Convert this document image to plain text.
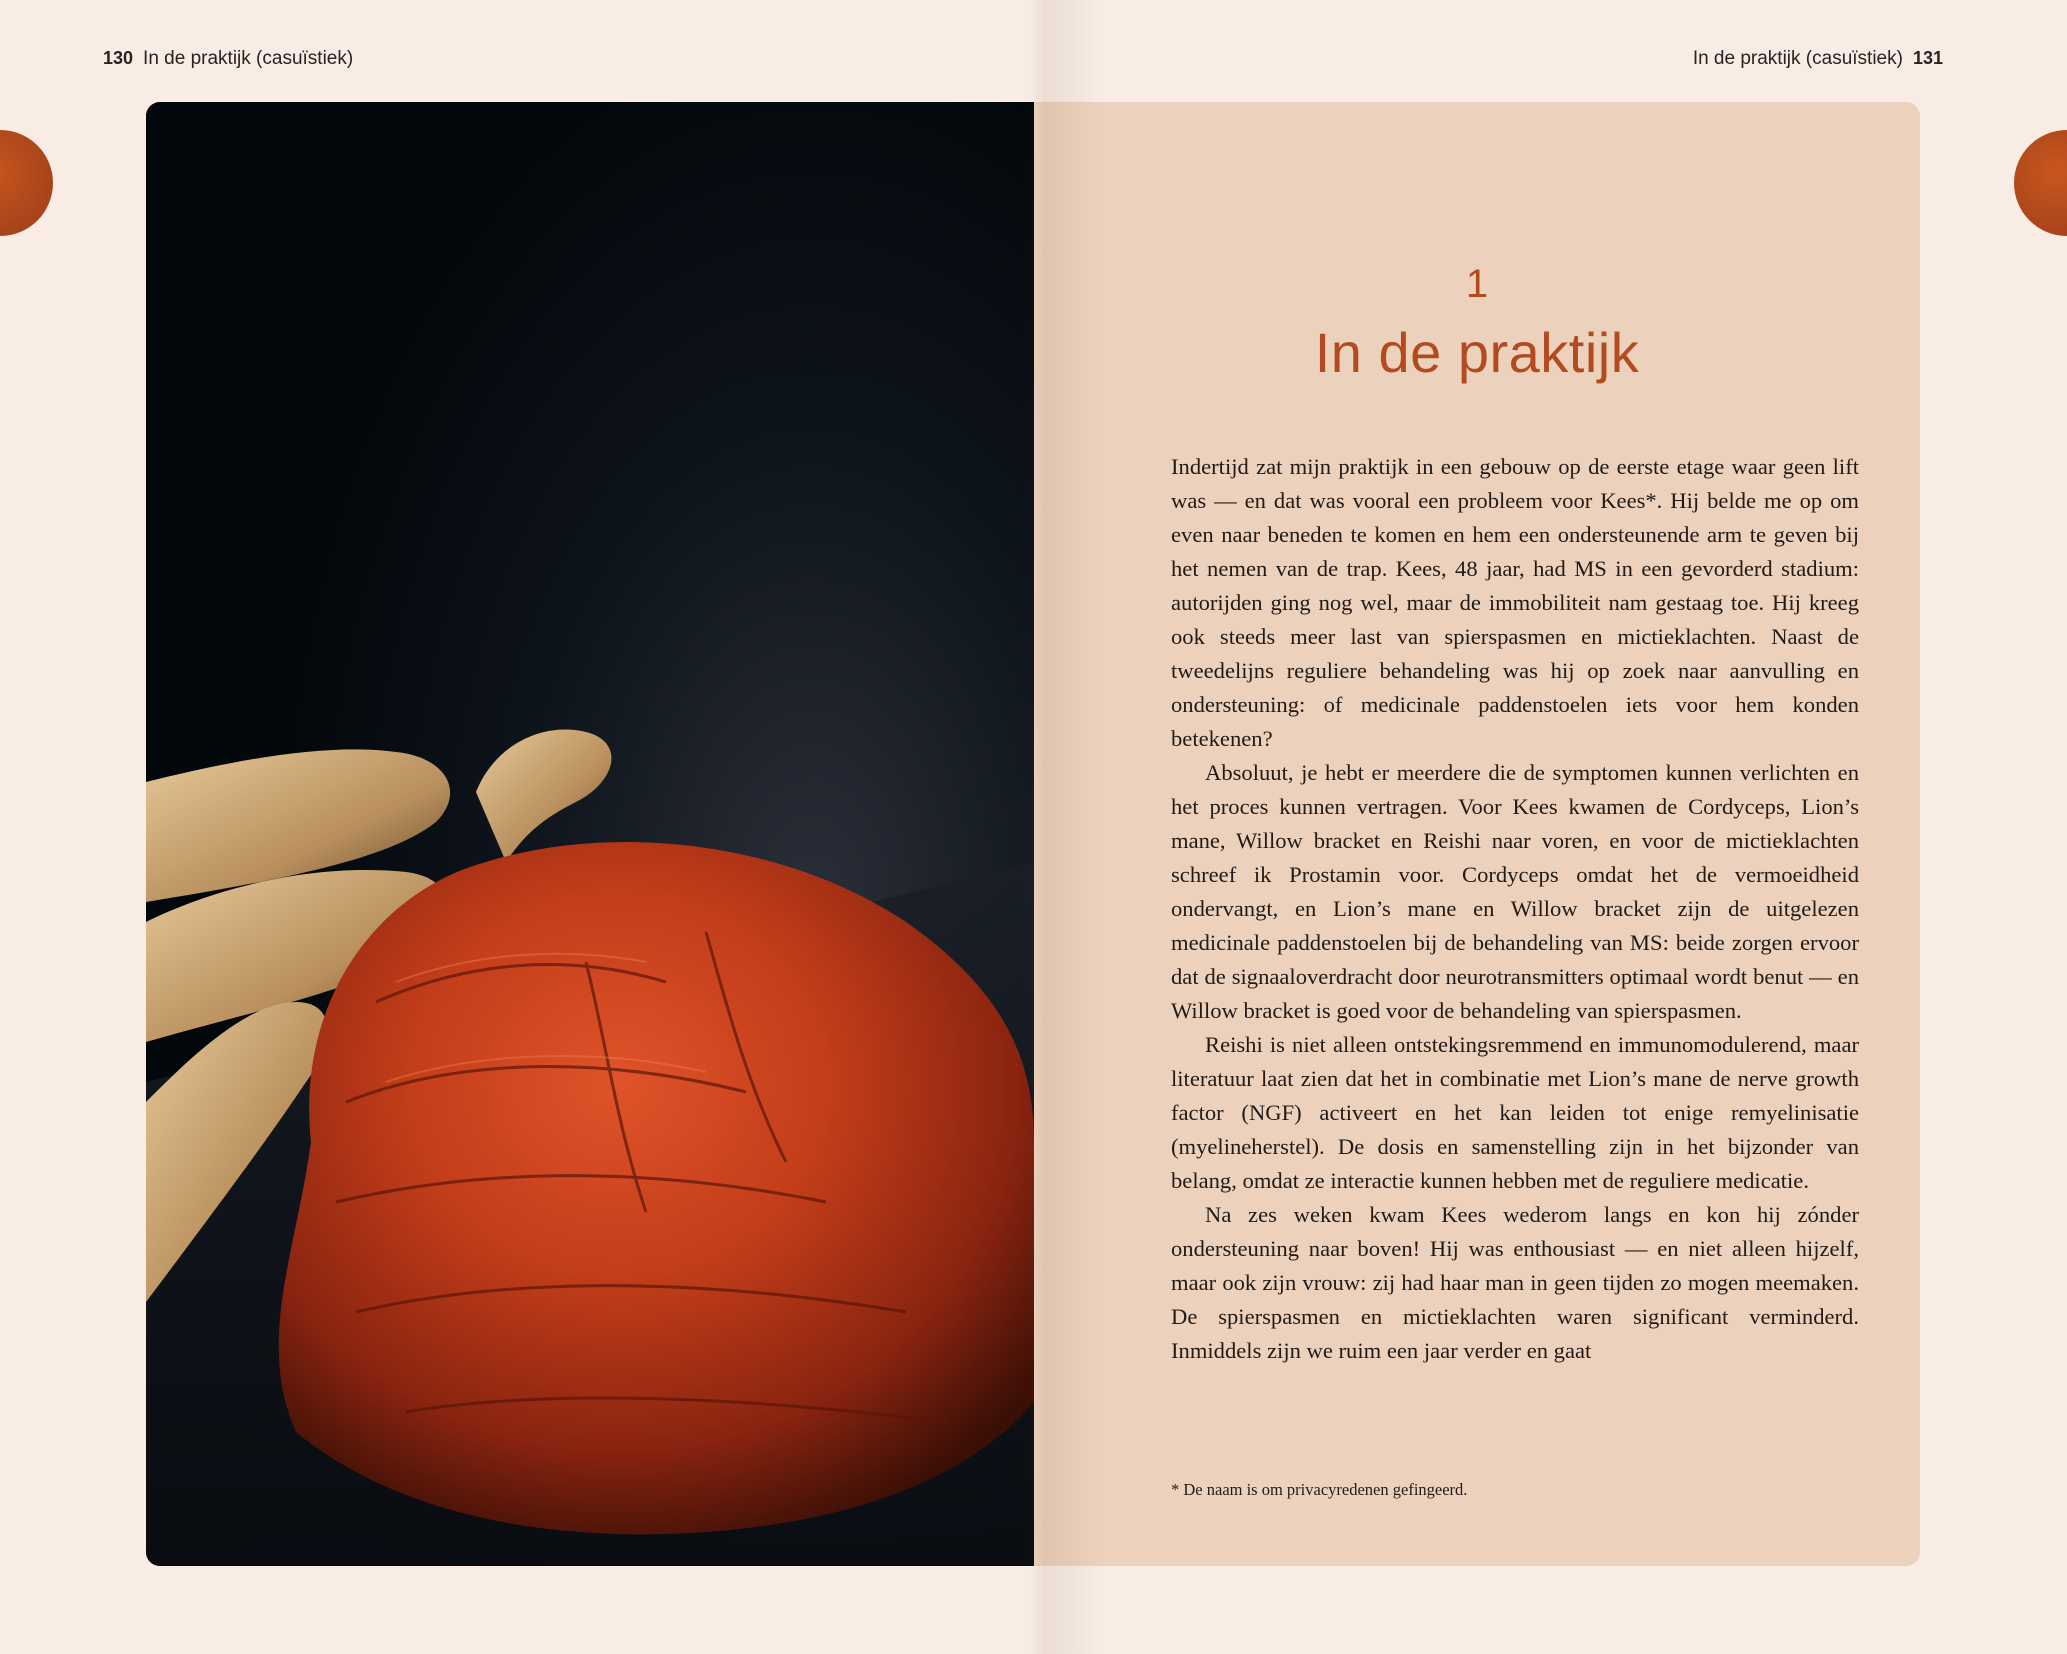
130 In de praktijk (casuïstiek)	In de praktijk (casuïstiek) 131
1
In de praktijk

Indertijd zat mijn praktijk in een gebouw op de eerste etage waar geen lift was — en dat was vooral een probleem voor Kees*. Hij belde me op om even naar beneden te komen en hem een ondersteunende arm te geven bij het nemen van de trap. Kees, 48 jaar, had MS in een gevorderd stadium: autorijden ging nog wel, maar de immobiliteit nam gestaag toe. Hij kreeg ook steeds meer last van spierspasmen en mictieklachten. Naast de tweedelijns reguliere behandeling was hij op zoek naar aanvulling en ondersteuning: of medicinale paddenstoelen iets voor hem konden betekenen?

Absoluut, je hebt er meerdere die de symptomen kunnen verlichten en het proces kunnen vertragen. Voor Kees kwamen de Cordyceps, Lion’s mane, Willow bracket en Reishi naar voren, en voor de mictieklachten schreef ik Prostamin voor. Cordyceps omdat het de vermoeidheid ondervangt, en Lion’s mane en Willow bracket zijn de uitgelezen medicinale paddenstoelen bij de behandeling van MS: beide zorgen ervoor dat de signaaloverdracht door neurotransmitters optimaal wordt benut — en Willow bracket is goed voor de behandeling van spierspasmen.

Reishi is niet alleen ontstekingsremmend en immunomodulerend, maar literatuur laat zien dat het in combinatie met Lion’s mane de nerve growth factor (NGF) activeert en het kan leiden tot enige remyelinisatie (myelineherstel). De dosis en samenstelling zijn in het bijzonder van belang, omdat ze interactie kunnen hebben met de reguliere medicatie.

Na zes weken kwam Kees wederom langs en kon hij zónder ondersteuning naar boven! Hij was enthousiast — en niet alleen hijzelf, maar ook zijn vrouw: zij had haar man in geen tijden zo mogen meemaken. De spierspasmen en mictieklachten waren significant verminderd. Inmiddels zijn we ruim een jaar verder en gaat

* De naam is om privacyredenen gefingeerd.
